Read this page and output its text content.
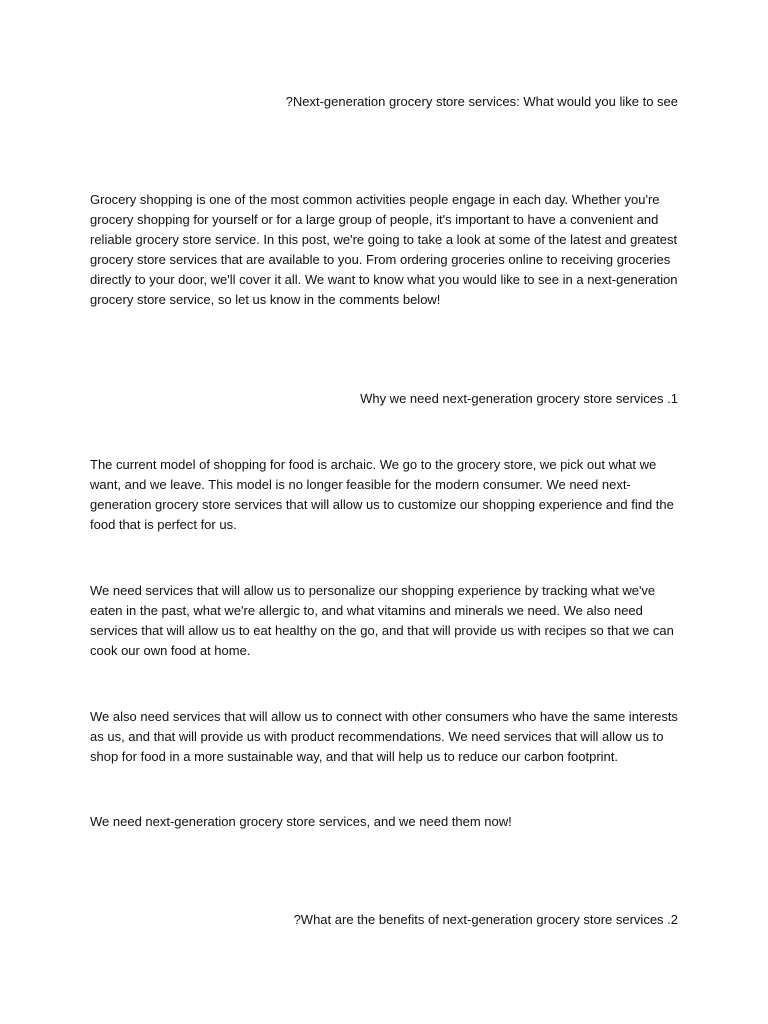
?Next-generation grocery store services: What would you like to see

Grocery shopping is one of the most common activities people engage in each day. Whether you're
grocery shopping for yourself or for a large group of people, it's important to have a convenient and
reliable grocery store service. In this post, we're going to take a look at some of the latest and greatest
grocery store services that are available to you. From ordering groceries online to receiving groceries
directly to your door, we'll cover it all. We want to know what you would like to see in a next-generation
grocery store service, so let us know in the comments below!

Why we need next-generation grocery store services .1

The current model of shopping for food is archaic. We go to the grocery store, we pick out what we
want, and we leave. This model is no longer feasible for the modern consumer. We need next-
generation grocery store services that will allow us to customize our shopping experience and find the
food that is perfect for us.

We need services that will allow us to personalize our shopping experience by tracking what we've
eaten in the past, what we're allergic to, and what vitamins and minerals we need. We also need
services that will allow us to eat healthy on the go, and that will provide us with recipes so that we can
cook our own food at home.

We also need services that will allow us to connect with other consumers who have the same interests
as us, and that will provide us with product recommendations. We need services that will allow us to
shop for food in a more sustainable way, and that will help us to reduce our carbon footprint.

We need next-generation grocery store services, and we need them now!

?What are the benefits of next-generation grocery store services .2
